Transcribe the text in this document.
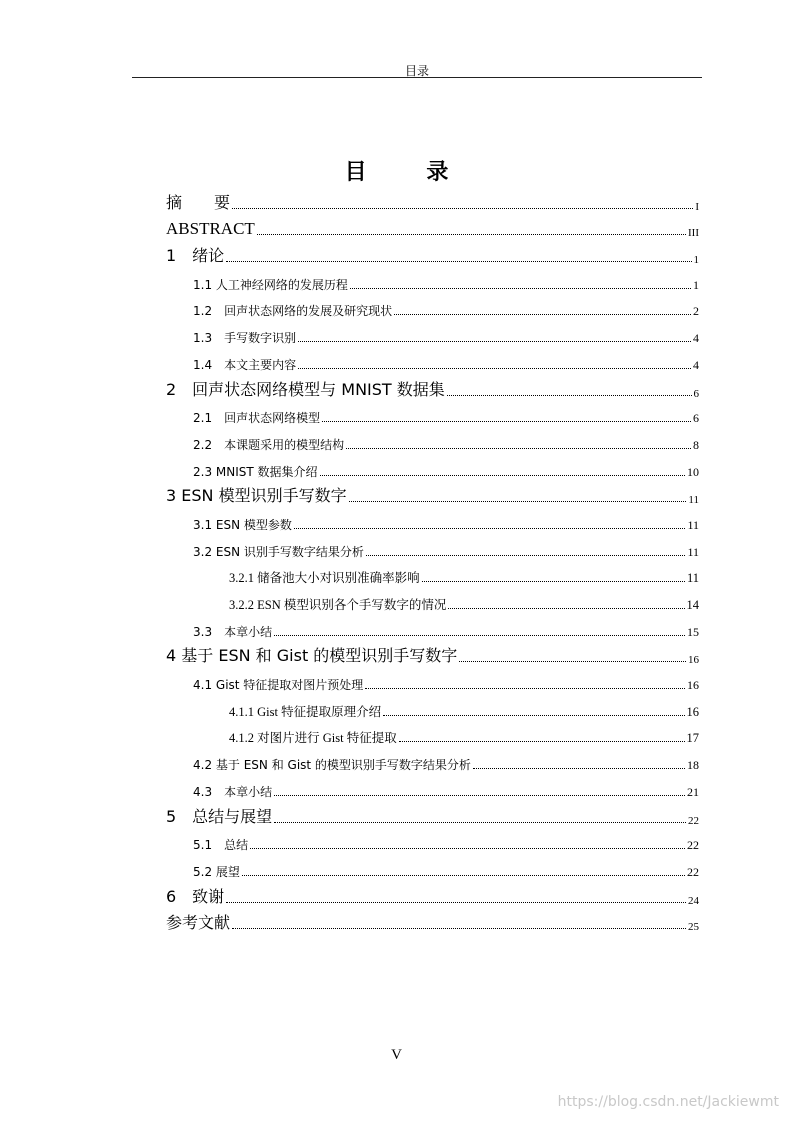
目录
目 录
摘　　要	I
ABSTRACT	III
1　绪论	1
1.1 人工神经网络的发展历程	1
1.2　回声状态网络的发展及研究现状	2
1.3　手写数字识别	4
1.4　本文主要内容	4
2　回声状态网络模型与 MNIST 数据集	6
2.1　回声状态网络模型	6
2.2　本课题采用的模型结构	8
2.3 MNIST 数据集介绍	10
3 ESN 模型识别手写数字	11
3.1 ESN 模型参数	11
3.2 ESN 识别手写数字结果分析	11
3.2.1 储备池大小对识别准确率影响	11
3.2.2 ESN 模型识别各个手写数字的情况	14
3.3　本章小结	15
4 基于 ESN 和 Gist 的模型识别手写数字	16
4.1 Gist 特征提取对图片预处理	16
4.1.1 Gist 特征提取原理介绍	16
4.1.2 对图片进行 Gist 特征提取	17
4.2 基于 ESN 和 Gist 的模型识别手写数字结果分析	18
4.3　本章小结	21
5　总结与展望	22
5.1　总结	22
5.2 展望	22
6　致谢	24
参考文献	25
V
https://blog.csdn.net/Jackiewmt
